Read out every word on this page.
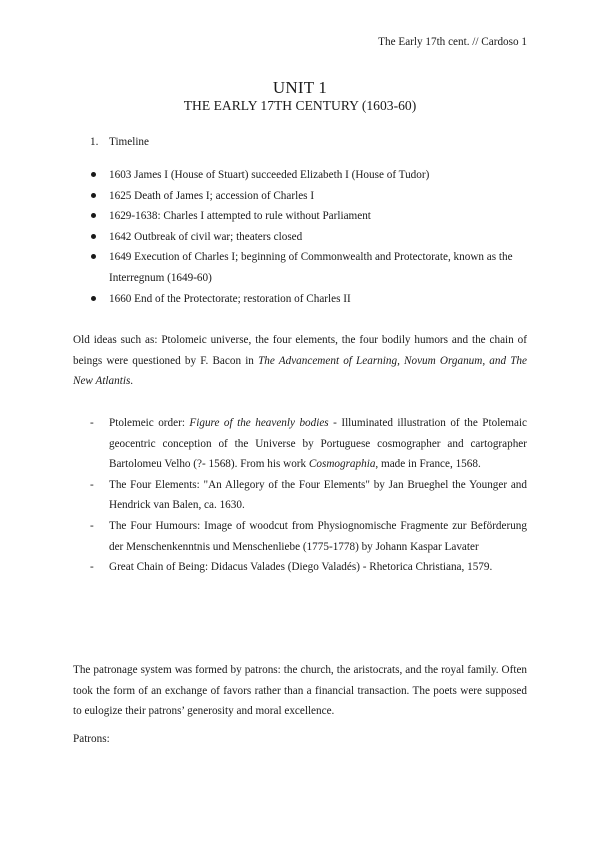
The Early 17th cent. // Cardoso 1
UNIT 1
THE EARLY 17TH CENTURY (1603-60)
1. Timeline
1603 James I (House of Stuart) succeeded Elizabeth I (House of Tudor)
1625 Death of James I; accession of Charles I
1629-1638: Charles I attempted to rule without Parliament
1642 Outbreak of civil war; theaters closed
1649 Execution of Charles I; beginning of Commonwealth and Protectorate, known as the Interregnum (1649-60)
1660 End of the Protectorate; restoration of Charles II

Old ideas such as: Ptolomeic universe, the four elements, the four bodily humors and the chain of beings were questioned by F. Bacon in The Advancement of Learning, Novum Organum, and The New Atlantis.

- Ptolemeic order: Figure of the heavenly bodies - Illuminated illustration of the Ptolemaic geocentric conception of the Universe by Portuguese cosmographer and cartographer Bartolomeu Velho (?- 1568). From his work Cosmographia, made in France, 1568.
- The Four Elements: "An Allegory of the Four Elements" by Jan Brueghel the Younger and Hendrick van Balen, ca. 1630.
- The Four Humours: Image of woodcut from Physiognomische Fragmente zur Beförderung der Menschenkenntnis und Menschenliebe (1775-1778) by Johann Kaspar Lavater
- Great Chain of Being: Didacus Valades (Diego Valadés) - Rhetorica Christiana, 1579.

The patronage system was formed by patrons: the church, the aristocrats, and the royal family. Often took the form of an exchange of favors rather than a financial transaction. The poets were supposed to eulogize their patrons’ generosity and moral excellence.

Patrons:
